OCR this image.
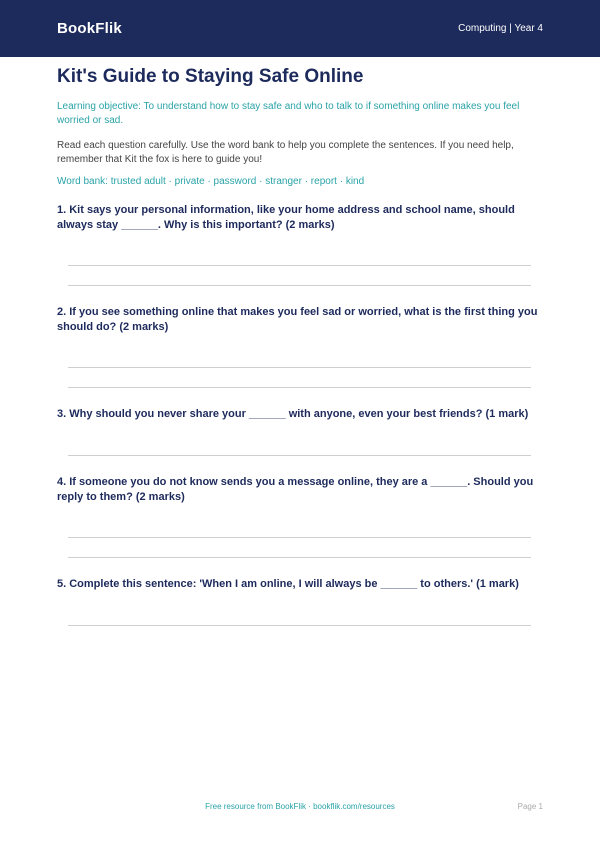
BookFlik	Computing | Year 4
Kit's Guide to Staying Safe Online
Learning objective: To understand how to stay safe and who to talk to if something online makes you feel worried or sad.
Read each question carefully. Use the word bank to help you complete the sentences. If you need help, remember that Kit the fox is here to guide you!
Word bank: trusted adult · private · password · stranger · report · kind
1. Kit says your personal information, like your home address and school name, should always stay ______. Why is this important? (2 marks)
2. If you see something online that makes you feel sad or worried, what is the first thing you should do? (2 marks)
3. Why should you never share your ______ with anyone, even your best friends? (1 mark)
4. If someone you do not know sends you a message online, they are a ______. Should you reply to them? (2 marks)
5. Complete this sentence: 'When I am online, I will always be ______ to others.' (1 mark)
Free resource from BookFlik · bookflik.com/resources	Page 1
